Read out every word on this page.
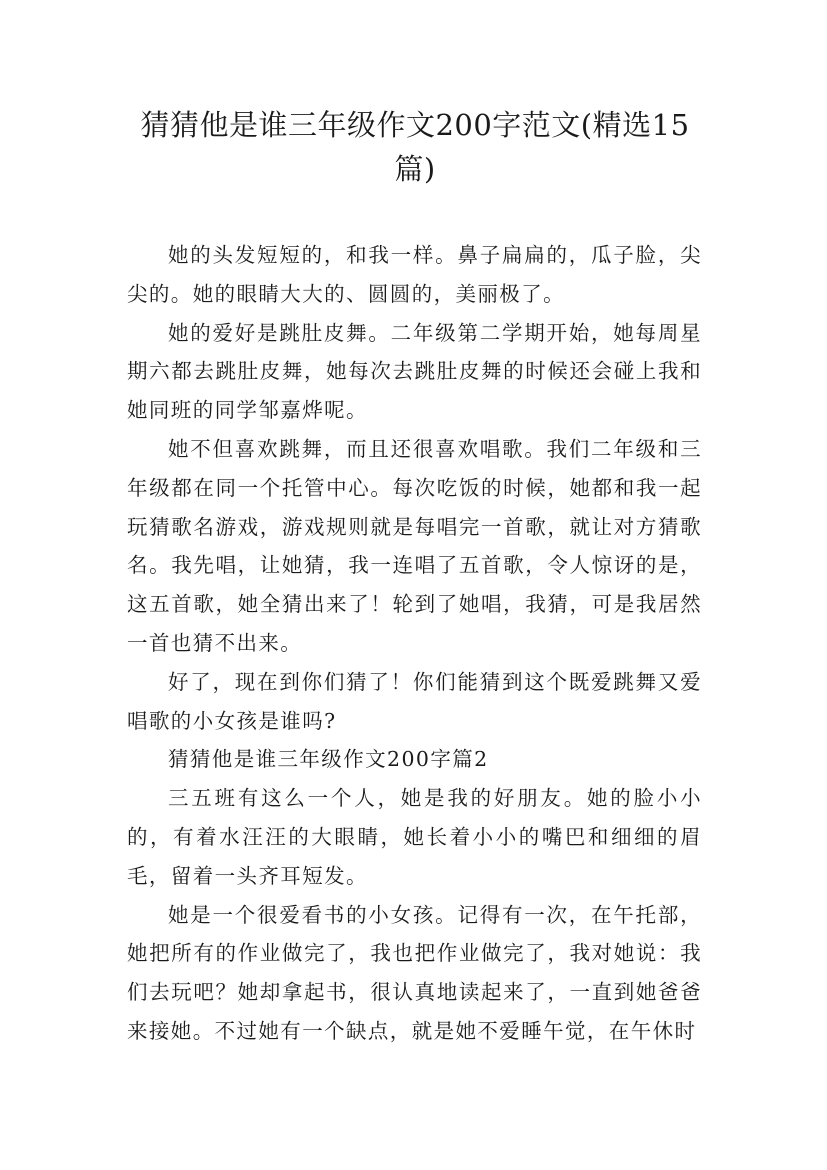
猜猜他是谁三年级作文200字范文(精选15篇)

她的头发短短的，和我一样。鼻子扁扁的，瓜子脸，尖尖的。她的眼睛大大的、圆圆的，美丽极了。

她的爱好是跳肚皮舞。二年级第二学期开始，她每周星期六都去跳肚皮舞，她每次去跳肚皮舞的时候还会碰上我和她同班的同学邹嘉烨呢。

她不但喜欢跳舞，而且还很喜欢唱歌。我们二年级和三年级都在同一个托管中心。每次吃饭的时候，她都和我一起玩猜歌名游戏，游戏规则就是每唱完一首歌，就让对方猜歌名。我先唱，让她猜，我一连唱了五首歌，令人惊讶的是，这五首歌，她全猜出来了！轮到了她唱，我猜，可是我居然一首也猜不出来。

好了，现在到你们猜了！你们能猜到这个既爱跳舞又爱唱歌的小女孩是谁吗?

猜猜他是谁三年级作文200字篇2

三五班有这么一个人，她是我的好朋友。她的脸小小的，有着水汪汪的大眼睛，她长着小小的嘴巴和细细的眉毛，留着一头齐耳短发。

她是一个很爱看书的小女孩。记得有一次，在午托部，她把所有的作业做完了，我也把作业做完了，我对她说：我们去玩吧？她却拿起书，很认真地读起来了，一直到她爸爸来接她。不过她有一个缺点，就是她不爱睡午觉，在午休时
